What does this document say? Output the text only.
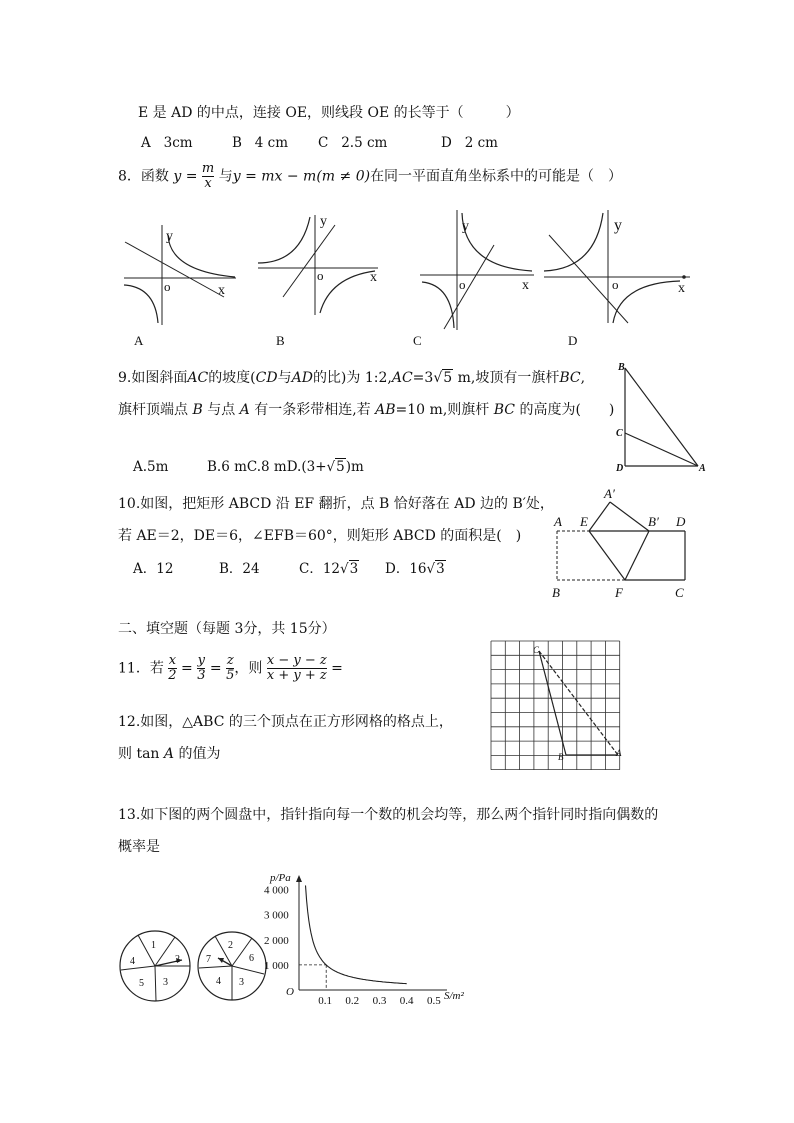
E 是 AD 的中点，连接 OE，则线段 OE 的长等于（　　　）
A 3cm	B 4 cm C 2.5 cm	D 2 cm
8．函数 $y = \frac{m}{x}$ 与y = mx − m(m ≠ 0)在同一平面直角坐标系中的可能是（　）
y
o	x
A
y
o	x
B
y
o	x
C
y
o	x
D
9.如图斜面AC的坡度(CD与AD的比)为 1:2,AC=3√5 m,坡顶有一旗杆BC,
旗杆顶端点 B 与点 A 有一条彩带相连,若 AB=10 m,则旗杆 BC 的高度为(　　)
A.5m	B.6 mC.8 mD.(3+√5)m
B
C
D	A
10.如图，把矩形 ABCD 沿 EF 翻折，点 B 恰好落在 AD 边的 B′处，
若 AE＝2，DE＝6，∠EFB＝60°，则矩形 ABCD 的面积是(　)
A．12	B．24	C．12√3 D．16√3
A′
A E	B′ D
B	F	C
二、填空题（每题 3分，共 15分）
11．若 $\frac{x}{2} = \frac{y}{3} = \frac{z}{5}$ ，则 $\frac{x - y - z}{x + y + z}$ =
12.如图，△ABC 的三个顶点在正方形网格的格点上，
则 tan A 的值为
C
B	A
13.如下图的两个圆盘中，指针指向每一个数的机会均等，那么两个指针同时指向偶数的
概率是
1
2
3
5
4
2
6
3
4
7
p/Pa
S/m²
O
4 000
3 000
2 000
1 000
0.1 0.2 0.3 0.4 0.5
